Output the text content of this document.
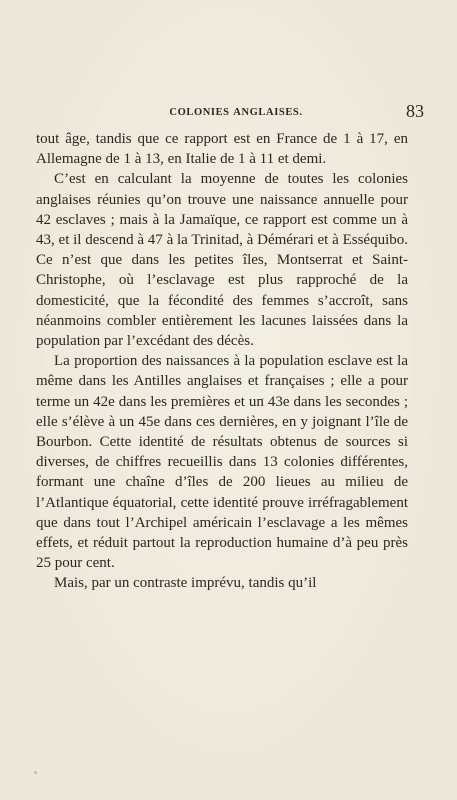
COLONIES ANGLAISES.	83

tout âge, tandis que ce rapport est en France de 1 à 17, en Allemagne de 1 à 13, en Italie de 1 à 11 et demi.

C’est en calculant la moyenne de toutes les colonies anglaises réunies qu’on trouve une naissance annuelle pour 42 esclaves ; mais à la Jamaïque, ce rapport est comme un à 43, et il descend à 47 à la Trinitad, à Démérari et à Esséquibo. Ce n’est que dans les petites îles, Montserrat et Saint-Christophe, où l’esclavage est plus rapproché de la domesticité, que la fécondité des femmes s’accroît, sans néanmoins combler entièrement les lacunes laissées dans la population par l’excédant des décès.

La proportion des naissances à la population esclave est la même dans les Antilles anglaises et françaises ; elle a pour terme un 42e dans les premières et un 43e dans les secondes ; elle s’élève à un 45e dans ces dernières, en y joignant l’île de Bourbon. Cette identité de résultats obtenus de sources si diverses, de chiffres recueillis dans 13 colonies différentes, formant une chaîne d’îles de 200 lieues au milieu de l’Atlantique équatorial, cette identité prouve irréfragablement que dans tout l’Archipel américain l’esclavage a les mêmes effets, et réduit partout la reproduction humaine d’à peu près 25 pour cent.

Mais, par un contraste imprévu, tandis qu’il
